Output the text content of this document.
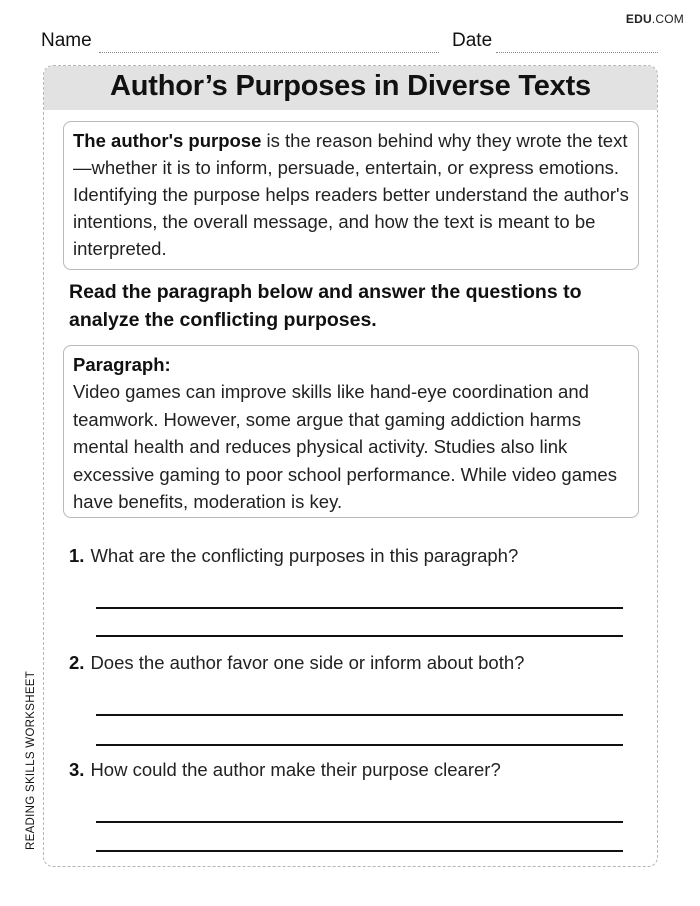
EDU.COM
Name	Date
READING SKILLS WORKSHEET
Author’s Purposes in Diverse Texts

The author's purpose is the reason behind why they wrote the text—whether it is to inform, persuade, entertain, or express emotions. Identifying the purpose helps readers better understand the author's intentions, the overall message, and how the text is meant to be interpreted.

Read the paragraph below and answer the questions to analyze the conflicting purposes.
Paragraph:
Video games can improve skills like hand-eye coordination and teamwork. However, some argue that gaming addiction harms mental health and reduces physical activity. Studies also link excessive gaming to poor school performance. While video games have benefits, moderation is key.
1. What are the conflicting purposes in this paragraph?
2. Does the author favor one side or inform about both?
3. How could the author make their purpose clearer?
